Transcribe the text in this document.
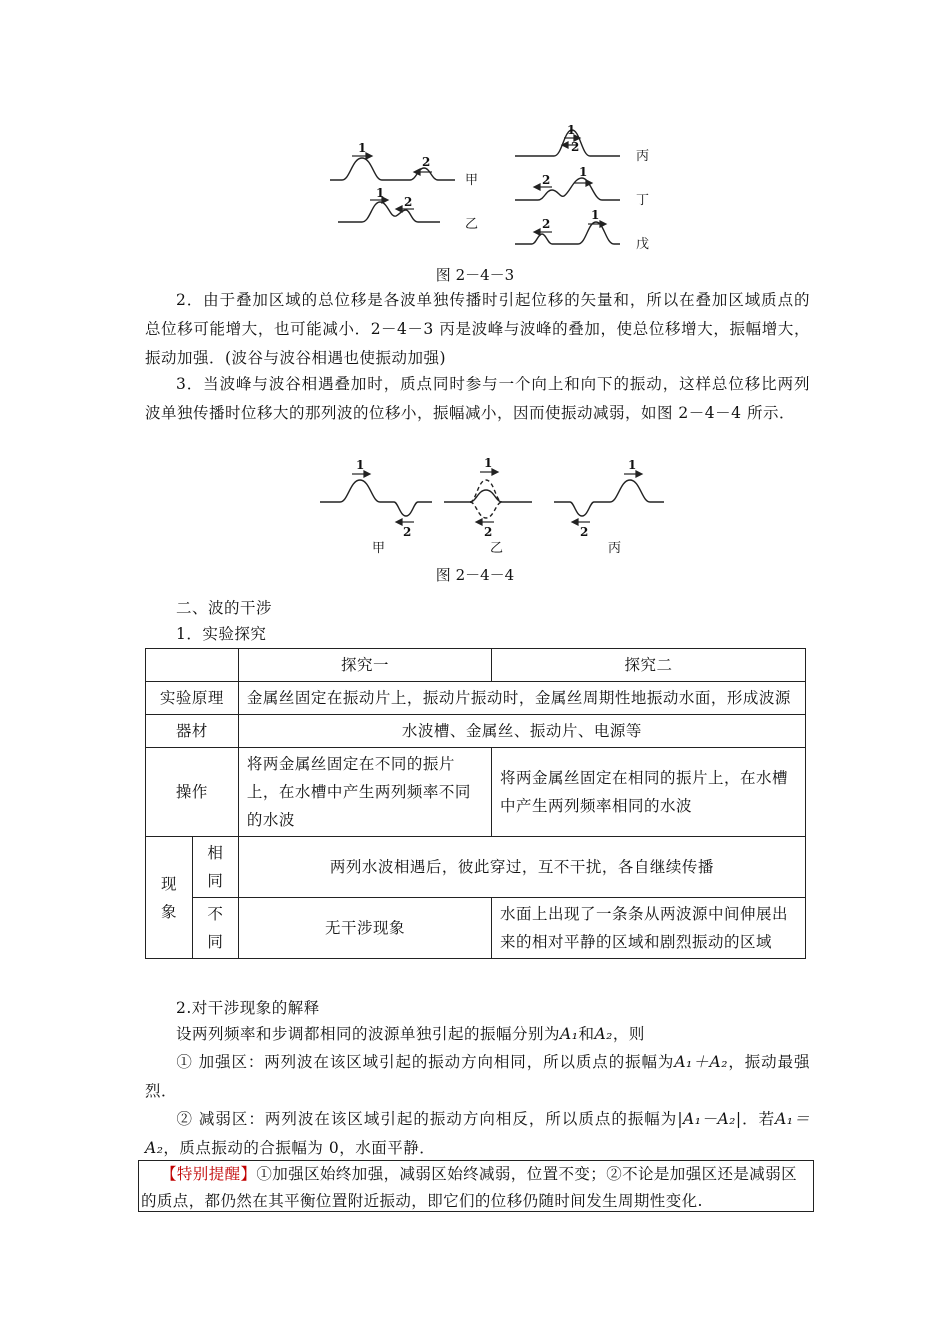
1
2
1
2
1
2
2
1
2
1
甲
乙
丙
丁
戊
图 2－4－3
2．由于叠加区域的总位移是各波单独传播时引起位移的矢量和，所以在叠加区域质点的总位移可能增大，也可能减小．2－4－3 丙是波峰与波峰的叠加，使总位移增大，振幅增大，振动加强．(波谷与波谷相遇也使振动加强)
3．当波峰与波谷相遇叠加时，质点同时参与一个向上和向下的振动，这样总位移比两列波单独传播时位移大的那列波的位移小，振幅减小，因而使振动减弱，如图 2－4－4 所示．
1
2
1
2	2
1
甲	乙	丙
图 2－4－4
二、波的干涉
1．实验探究
		探究一	探究二
实验原理		金属丝固定在振动片上，振动片振动时，金属丝周期性地振动水面，形成波源	
器材		水波槽、金属丝、振动片、电源等	
操作		将两金属丝固定在不同的振片上，在水槽中产生两列频率不同的水波	将两金属丝固定在相同的振片上，在水槽中产生两列频率相同的水波
现象	相同	两列水波相遇后，彼此穿过，互不干扰，各自继续传播	
	不同	无干涉现象	水面上出现了一条条从两波源中间伸展出来的相对平静的区域和剧烈振动的区域
2.对干涉现象的解释
设两列频率和步调都相同的波源单独引起的振幅分别为A₁和A₂，则
① 加强区：两列波在该区域引起的振动方向相同，所以质点的振幅为A₁＋A₂，振动最强烈．
② 减弱区：两列波在该区域引起的振动方向相反，所以质点的振幅为|A₁－A₂|．若A₁＝A₂，质点振动的合振幅为 0，水面平静．
【特别提醒】①加强区始终加强，减弱区始终减弱，位置不变；②不论是加强区还是减弱区的质点，都仍然在其平衡位置附近振动，即它们的位移仍随时间发生周期性变化.
